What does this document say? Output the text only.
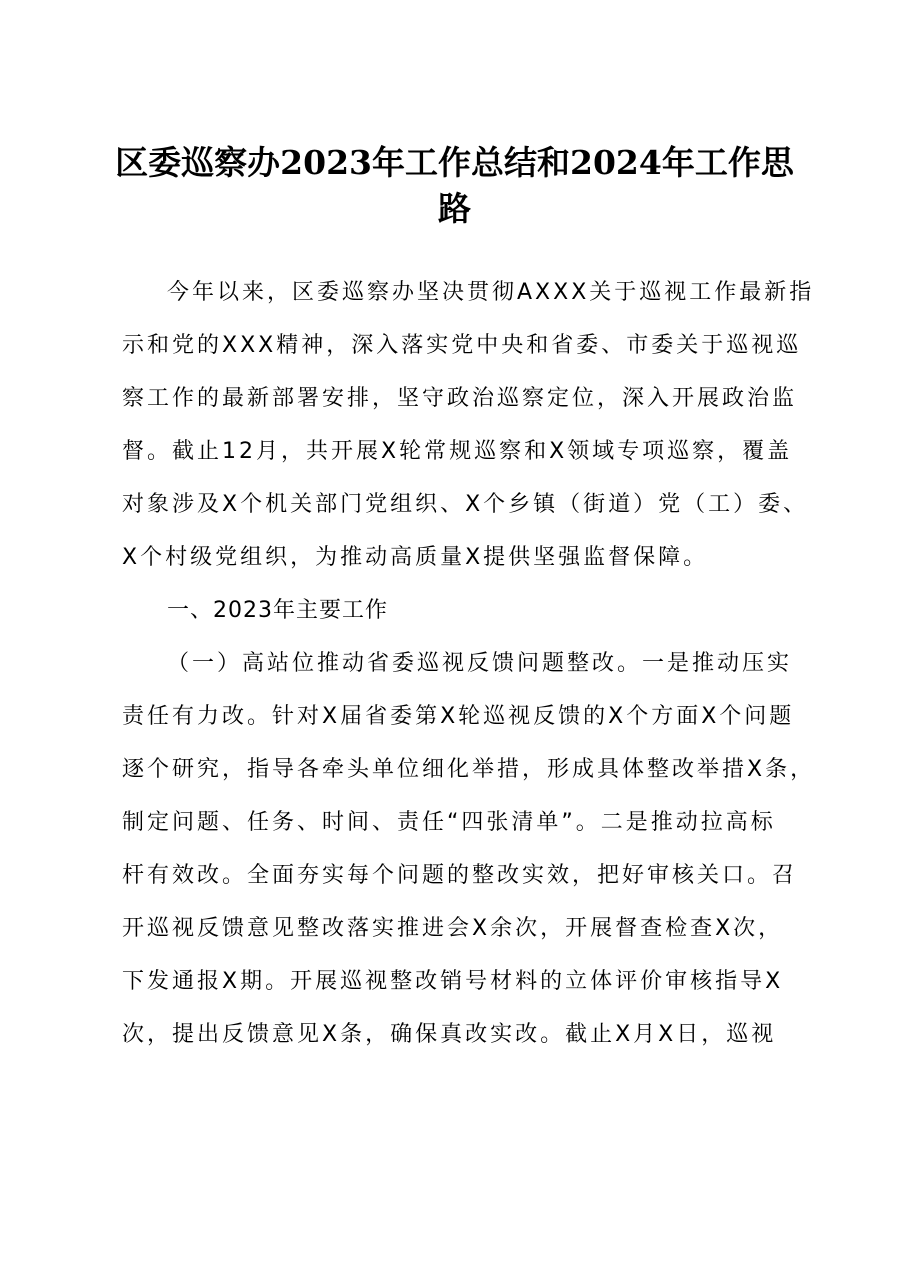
区委巡察办2023年工作总结和2024年工作思
路
今年以来，区委巡察办坚决贯彻AXXX关于巡视工作最新指
示和党的XXX精神，深入落实党中央和省委、市委关于巡视巡
察工作的最新部署安排，坚守政治巡察定位，深入开展政治监
督。截止12月，共开展X轮常规巡察和X领域专项巡察，覆盖
对象涉及X个机关部门党组织、X个乡镇（街道）党（工）委、
X个村级党组织，为推动高质量X提供坚强监督保障。
一、2023年主要工作
（一）高站位推动省委巡视反馈问题整改。一是推动压实
责任有力改。针对X届省委第X轮巡视反馈的X个方面X个问题
逐个研究，指导各牵头单位细化举措，形成具体整改举措X条，
制定问题、任务、时间、责任“四张清单”。二是推动拉高标
杆有效改。全面夯实每个问题的整改实效，把好审核关口。召
开巡视反馈意见整改落实推进会X余次，开展督查检查X次，
下发通报X期。开展巡视整改销号材料的立体评价审核指导X
次，提出反馈意见X条，确保真改实改。截止X月X日，巡视
